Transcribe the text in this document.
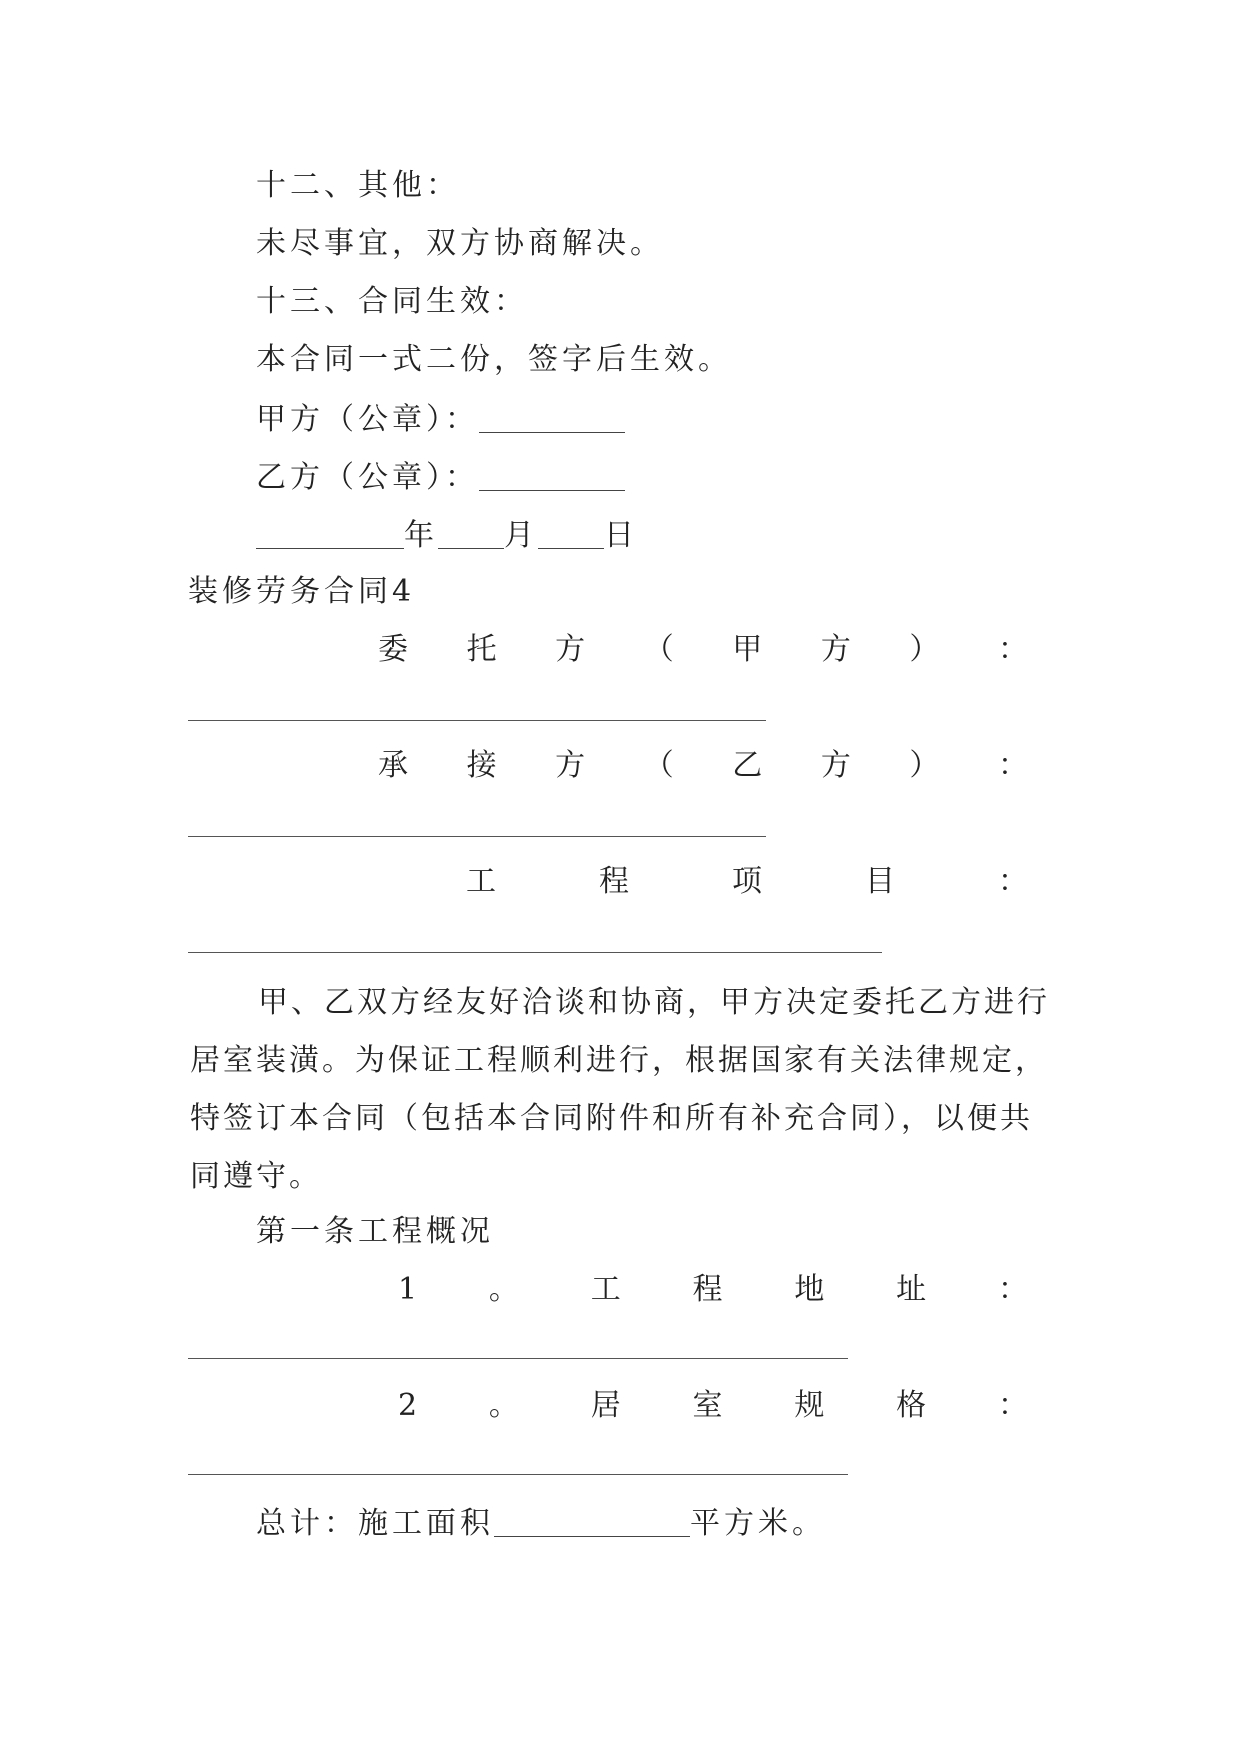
十二、其他：
未尽事宜，双方协商解决。
十三、合同生效：
本合同一式二份，签字后生效。
甲方（公章）：
乙方（公章）：
年 月 日
装修劳务合同4
委 托 方 （ 甲 方 ） ：
承 接 方 （ 乙 方 ） ：
工	程	项	目	：
甲、乙双方经友好洽谈和协商，甲方决定委托乙方进行居室装潢。为保证工程顺利进行，根据国家有关法律规定，特签订本合同（包括本合同附件和所有补充合同），以便共同遵守。
第一条工程概况
1 。 工 程 地 址 ：
2 。 居 室 规 格 ：
总计：施工面积	平方米。
